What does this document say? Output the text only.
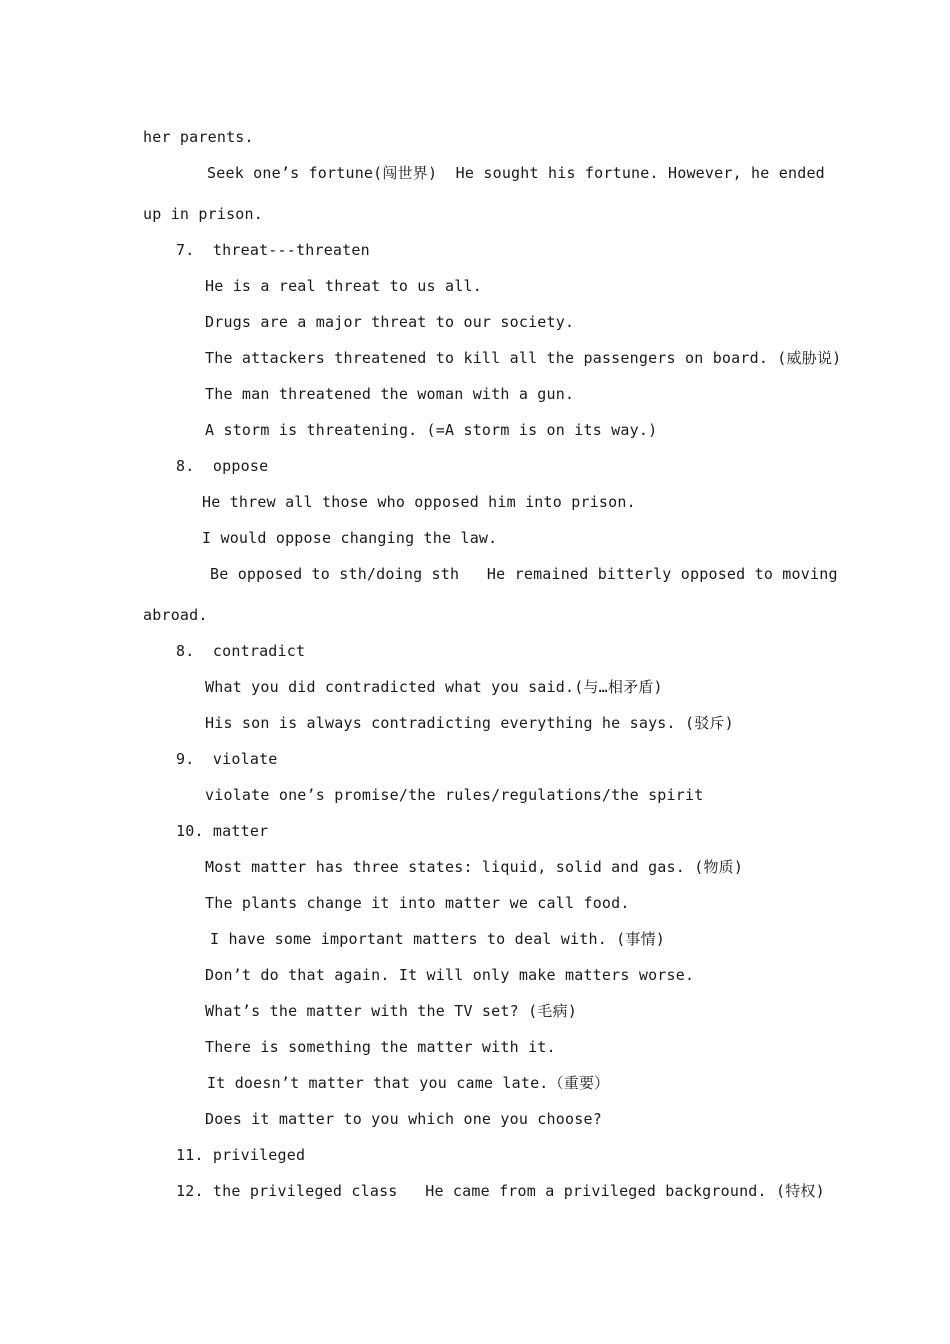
her parents.
Seek one’s fortune(闯世界)  He sought his fortune. However, he ended
up in prison.
7.  threat---threaten
He is a real threat to us all.
Drugs are a major threat to our society.
The attackers threatened to kill all the passengers on board. (威胁说)
The man threatened the woman with a gun.
A storm is threatening. (=A storm is on its way.)
8.  oppose
He threw all those who opposed him into prison.
I would oppose changing the law.
Be opposed to sth/doing sth   He remained bitterly opposed to moving
abroad.
8.  contradict
What you did contradicted what you said.(与…相矛盾)
His son is always contradicting everything he says. (驳斥)
9.  violate
violate one’s promise/the rules/regulations/the spirit
10. matter
Most matter has three states: liquid, solid and gas. (物质)
The plants change it into matter we call food.
I have some important matters to deal with. (事情)
Don’t do that again. It will only make matters worse.
What’s the matter with the TV set? (毛病)
There is something the matter with it.
It doesn’t matter that you came late.（重要）
Does it matter to you which one you choose?
11. privileged
12. the privileged class   He came from a privileged background. (特权)
